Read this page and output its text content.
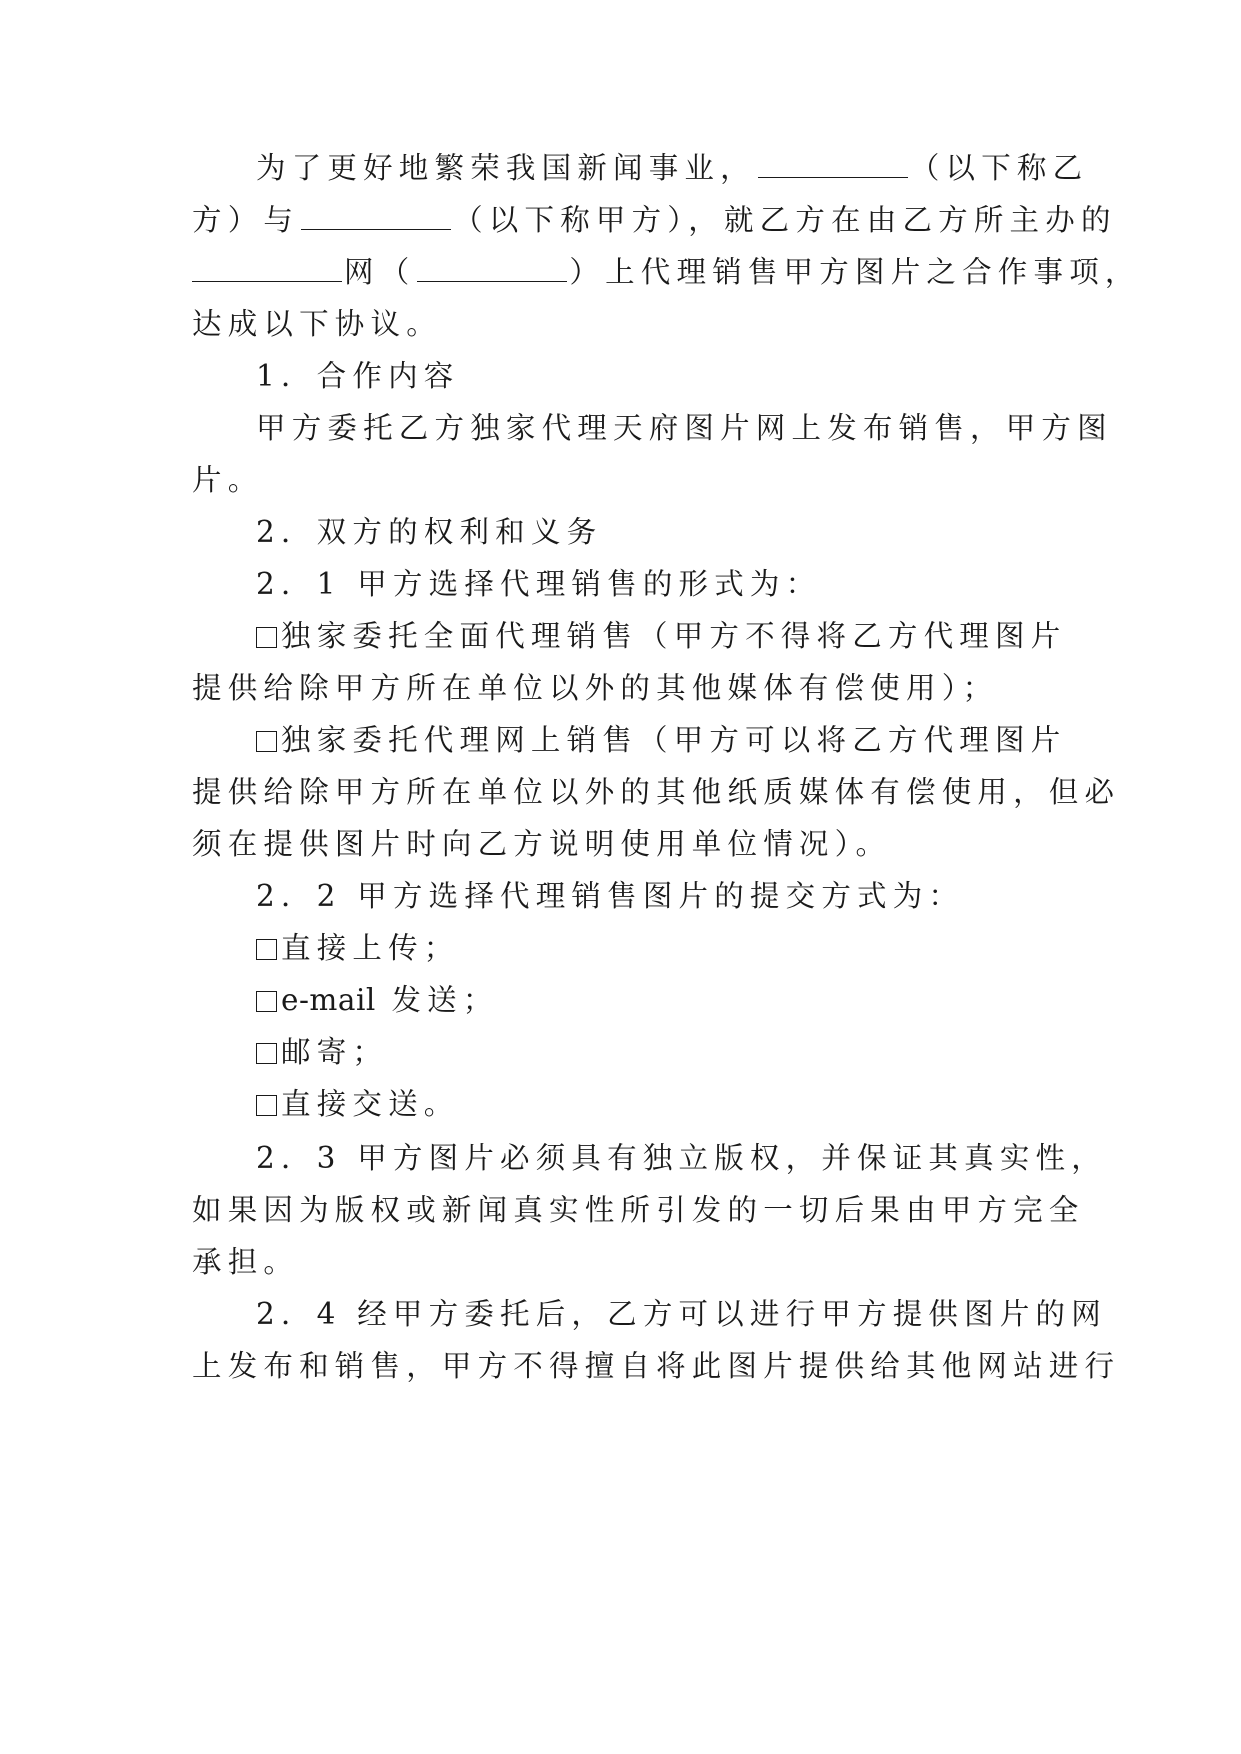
为了更好地繁荣我国新闻事业，	（以下称乙
方）与	（以下称甲方），就乙方在由乙方所主办的
网（	）上代理销售甲方图片之合作事项，
达成以下协议。
1．合作内容
甲方委托乙方独家代理天府图片网上发布销售，甲方图
片。
2．双方的权利和义务
2．1 甲方选择代理销售的形式为：
独家委托全面代理销售（甲方不得将乙方代理图片
提供给除甲方所在单位以外的其他媒体有偿使用）；
独家委托代理网上销售（甲方可以将乙方代理图片
提供给除甲方所在单位以外的其他纸质媒体有偿使用，但必
须在提供图片时向乙方说明使用单位情况）。
2．2 甲方选择代理销售图片的提交方式为：
直接上传；
e-mail 发送；
邮寄；
直接交送。
2．3 甲方图片必须具有独立版权，并保证其真实性，
如果因为版权或新闻真实性所引发的一切后果由甲方完全
承担。
2．4 经甲方委托后，乙方可以进行甲方提供图片的网
上发布和销售，甲方不得擅自将此图片提供给其他网站进行
